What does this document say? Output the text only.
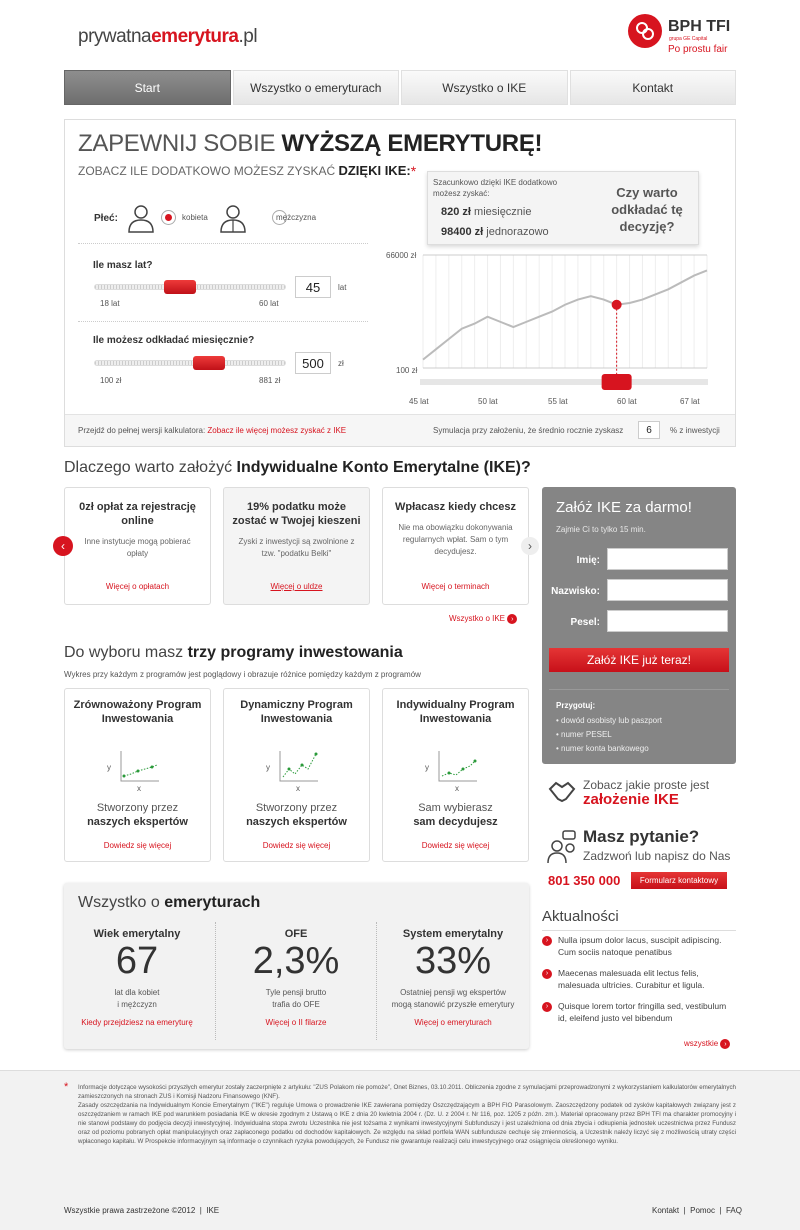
prywatnaemerytura.pl	BPH TFI
grupa GE Capital
Po prostu fair
Start	Wszystko o emeryturach	Wszystko o IKE	Kontakt
ZAPEWNIJ SOBIE WYŻSZĄ EMERYTURĘ!
ZOBACZ ILE DODATKOWO MOŻESZ ZYSKAĆ DZIĘKI IKE:*
Płeć:
	kobieta	mężczyzna
Ile masz lat?
18 lat	60 lat
45	lat
Ile możesz odkładać miesięcznie?
100 zł	881 zł
500	zł
66000 zł
100 zł
45 lat	50 lat	55 lat	60 lat	67 lat
Szacunkowo dzięki IKE dodatkowo
możesz zyskać:
820 zł miesięcznie
98400 zł jednorazowo
Czy warto odkładać tę decyzję?
Przejdź do pełnej wersji kalkulatora: Zobacz ile więcej możesz zyskać z IKE	Symulacja przy założeniu, że średnio rocznie zyskasz	6	% z inwestycji
Dlaczego warto założyć Indywidualne Konto Emerytalne (IKE)?
0zł opłat za rejestrację online
Inne instytucje mogą pobierać opłaty
Więcej o opłatach
19% podatku może zostać w Twojej kieszeni
Zyski z inwestycji są zwolnione z tzw. "podatku Belki"
Więcej o uldze
Wpłacasz kiedy chcesz
Nie ma obowiązku dokonywania regularnych wpłat. Sam o tym decydujesz.
Więcej o terminach
‹	›
Wszystko o IKE ›
Do wyboru masz trzy programy inwestowania
Wykres przy każdym z programów jest poglądowy i obrazuje różnice pomiędzy każdym z programów
Zrównoważony Program Inwestowania
y
x
Stworzony przez
naszych ekspertów
Dowiedz się więcej
Dynamiczny Program Inwestowania
y
x
Stworzony przez
naszych ekspertów
Dowiedz się więcej
Indywidualny Program Inwestowania
y
x
Sam wybierasz
sam decydujesz
Dowiedz się więcej
Wszystko o emeryturach
Wiek emerytalny
67
lat dla kobiet
i mężczyzn
Kiedy przejdziesz na emeryturę
OFE
2,3%
Tyle pensji brutto
trafia do OFE
Więcej o II filarze
System emerytalny
33%
Ostatniej pensji wg ekspertów
mogą stanowić przyszłe emerytury
Więcej o emeryturach
Załóż IKE za darmo!
Zajmie Ci to tylko 15 min.
Imię:
Nazwisko:
Pesel:
Załóż IKE już teraz!
Przygotuj:
• dowód osobisty lub paszport
• numer PESEL
• numer konta bankowego
Zobacz jakie proste jest
założenie IKE
Masz pytanie?
Zadzwoń lub napisz do Nas
801 350 000	Formularz kontaktowy
Aktualności
›	Nulla ipsum dolor lacus, suscipit adipiscing. Cum sociis natoque penatibus
›	Maecenas malesuada elit lectus felis, malesuada ultricies. Curabitur et ligula.
›	Quisque lorem tortor fringilla sed, vestibulum id, eleifend justo vel bibendum
wszystkie ›
* Informacje dotyczące wysokości przyszłych emerytur zostały zaczerpnięte z artykułu: "ZUS Polakom nie pomoże", Onet Biznes, 03.10.2011. Obliczenia zgodne z symulacjami przeprowadzonymi z wykorzystaniem kalkulatorów emerytalnych zamieszczonych na stronach ZUS i Komisji Nadzoru Finansowego (KNF).
Zasady oszczędzania na Indywidualnym Koncie Emerytalnym ("IKE") reguluje Umowa o prowadzenie IKE zawierana pomiędzy Oszczędzającym a BPH FIO Parasolowym. Zaoszczędzony podatek od zysków kapitałowych związany jest z oszczędzaniem w ramach IKE pod warunkiem posiadania IKE w okresie zgodnym z Ustawą o IKE z dnia 20 kwietnia 2004 r. (Dz. U. z 2004 r. Nr 116, poz. 1205 z późn. zm.). Materiał opracowany przez BPH TFI ma charakter promocyjny i nie stanowi podstawy do podjęcia decyzji inwestycyjnej. Indywidualna stopa zwrotu Uczestnika nie jest tożsama z wynikami inwestycyjnymi Subfunduszy i jest uzależniona od dnia zbycia i odkupienia jednostek uczestnictwa przez Fundusz oraz od poziomu pobranych opłat manipulacyjnych oraz zapłaconego podatku od dochodów kapitałowych. Ze względu na skład portfela WAN subfundusze cechuje się zmiennością, a Uczestnik należy liczyć się z możliwością utraty części wpłaconego kapitału. W Prospekcie informacyjnym są informacje o czynnikach ryzyka powodujących, że Fundusz nie gwarantuje realizacji celu inwestycyjnego oraz osiągnięcia określonego wyniku.
Wszystkie prawa zastrzeżone ©2012  |  IKE	Kontakt  |  Pomoc  |  FAQ
